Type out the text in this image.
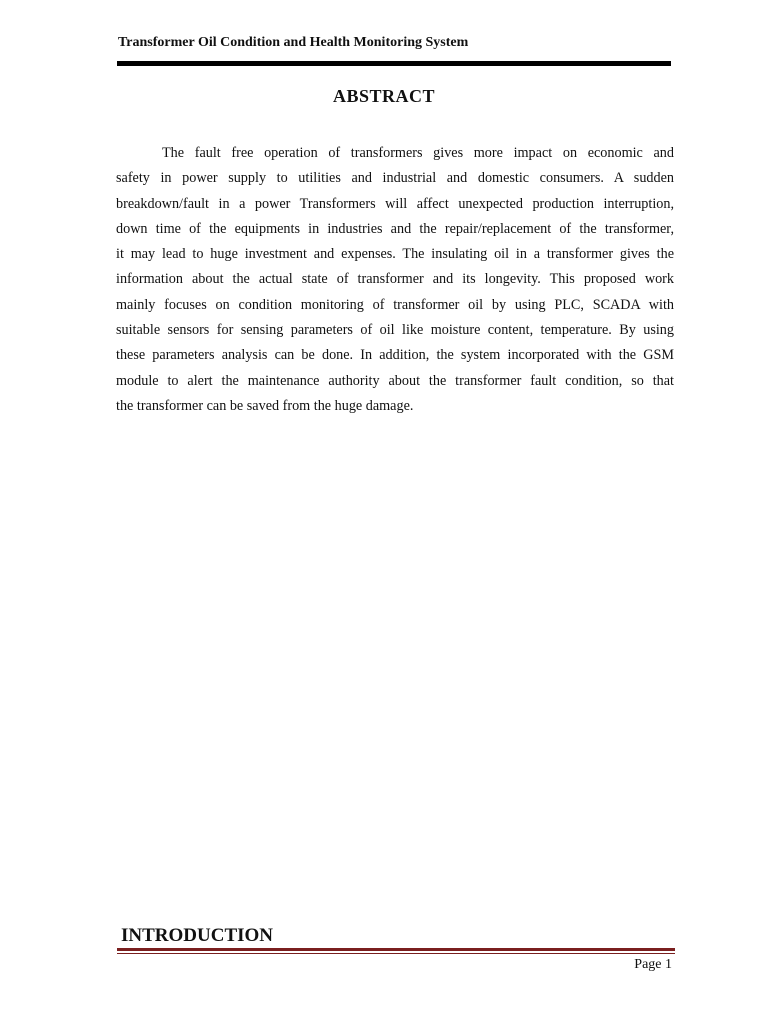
Transformer Oil Condition and Health Monitoring System
ABSTRACT
The fault free operation of transformers gives more impact on economic and
safety in power supply to utilities and industrial and domestic consumers. A sudden
breakdown/fault in a power Transformers will affect unexpected production interruption,
down time of the equipments in industries and the repair/replacement of the transformer,
it may lead to huge investment and expenses. The insulating oil in a transformer gives the
information about the actual state of transformer and its longevity. This proposed work
mainly focuses on condition monitoring of transformer oil by using PLC, SCADA with
suitable sensors for sensing parameters of oil like moisture content, temperature. By using
these parameters analysis can be done. In addition, the system incorporated with the GSM
module to alert the maintenance authority about the transformer fault condition, so that
the transformer can be saved from the huge damage.
INTRODUCTION
Page 1
